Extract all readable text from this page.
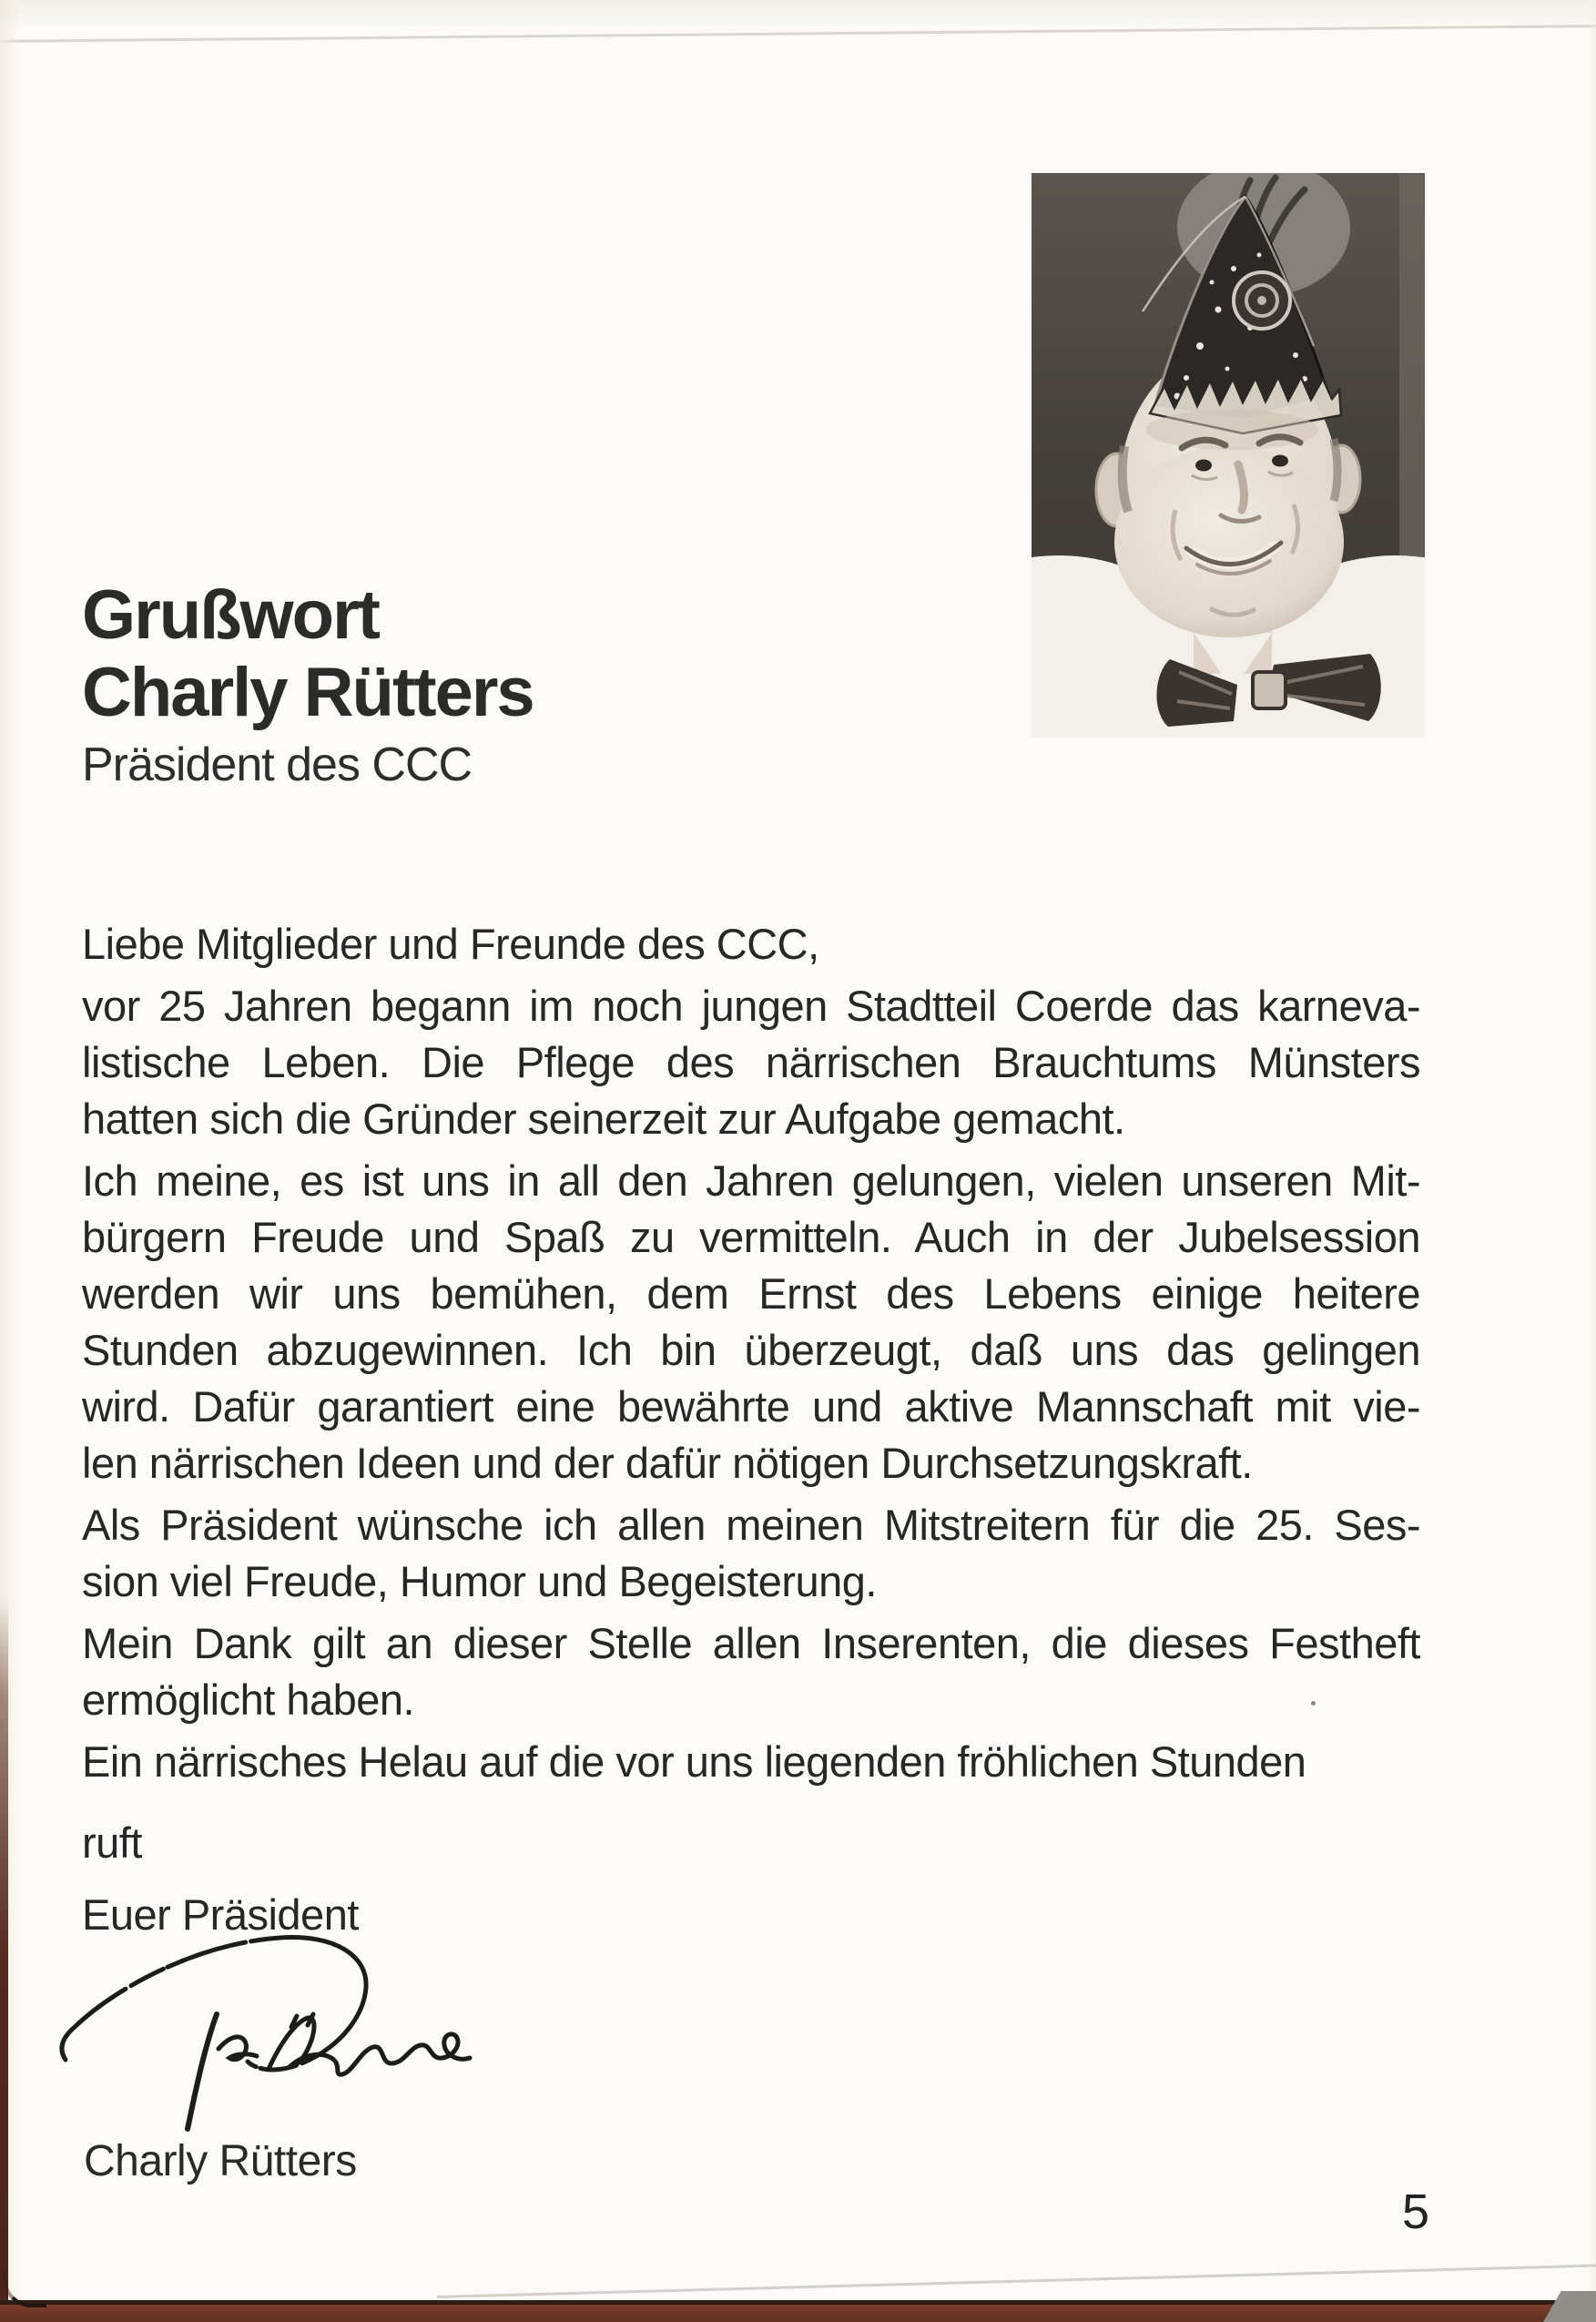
Grußwort
Charly Rütters
Präsident des CCC
Liebe Mitglieder und Freunde des CCC,
vor 25 Jahren begann im noch jungen Stadtteil Coerde das karneva-
listische Leben. Die Pflege des närrischen Brauchtums Münsters
hatten sich die Gründer seinerzeit zur Aufgabe gemacht.
Ich meine, es ist uns in all den Jahren gelungen, vielen unseren Mit-
bürgern Freude und Spaß zu vermitteln. Auch in der Jubelsession
werden wir uns bemühen, dem Ernst des Lebens einige heitere
Stunden abzugewinnen. Ich bin überzeugt, daß uns das gelingen
wird. Dafür garantiert eine bewährte und aktive Mannschaft mit vie-
len närrischen Ideen und der dafür nötigen Durchsetzungskraft.
Als Präsident wünsche ich allen meinen Mitstreitern für die 25. Ses-
sion viel Freude, Humor und Begeisterung.
Mein Dank gilt an dieser Stelle allen Inserenten, die dieses Festheft
ermöglicht haben.
Ein närrisches Helau auf die vor uns liegenden fröhlichen Stunden
ruft
Euer Präsident
Charly Rütters
5
